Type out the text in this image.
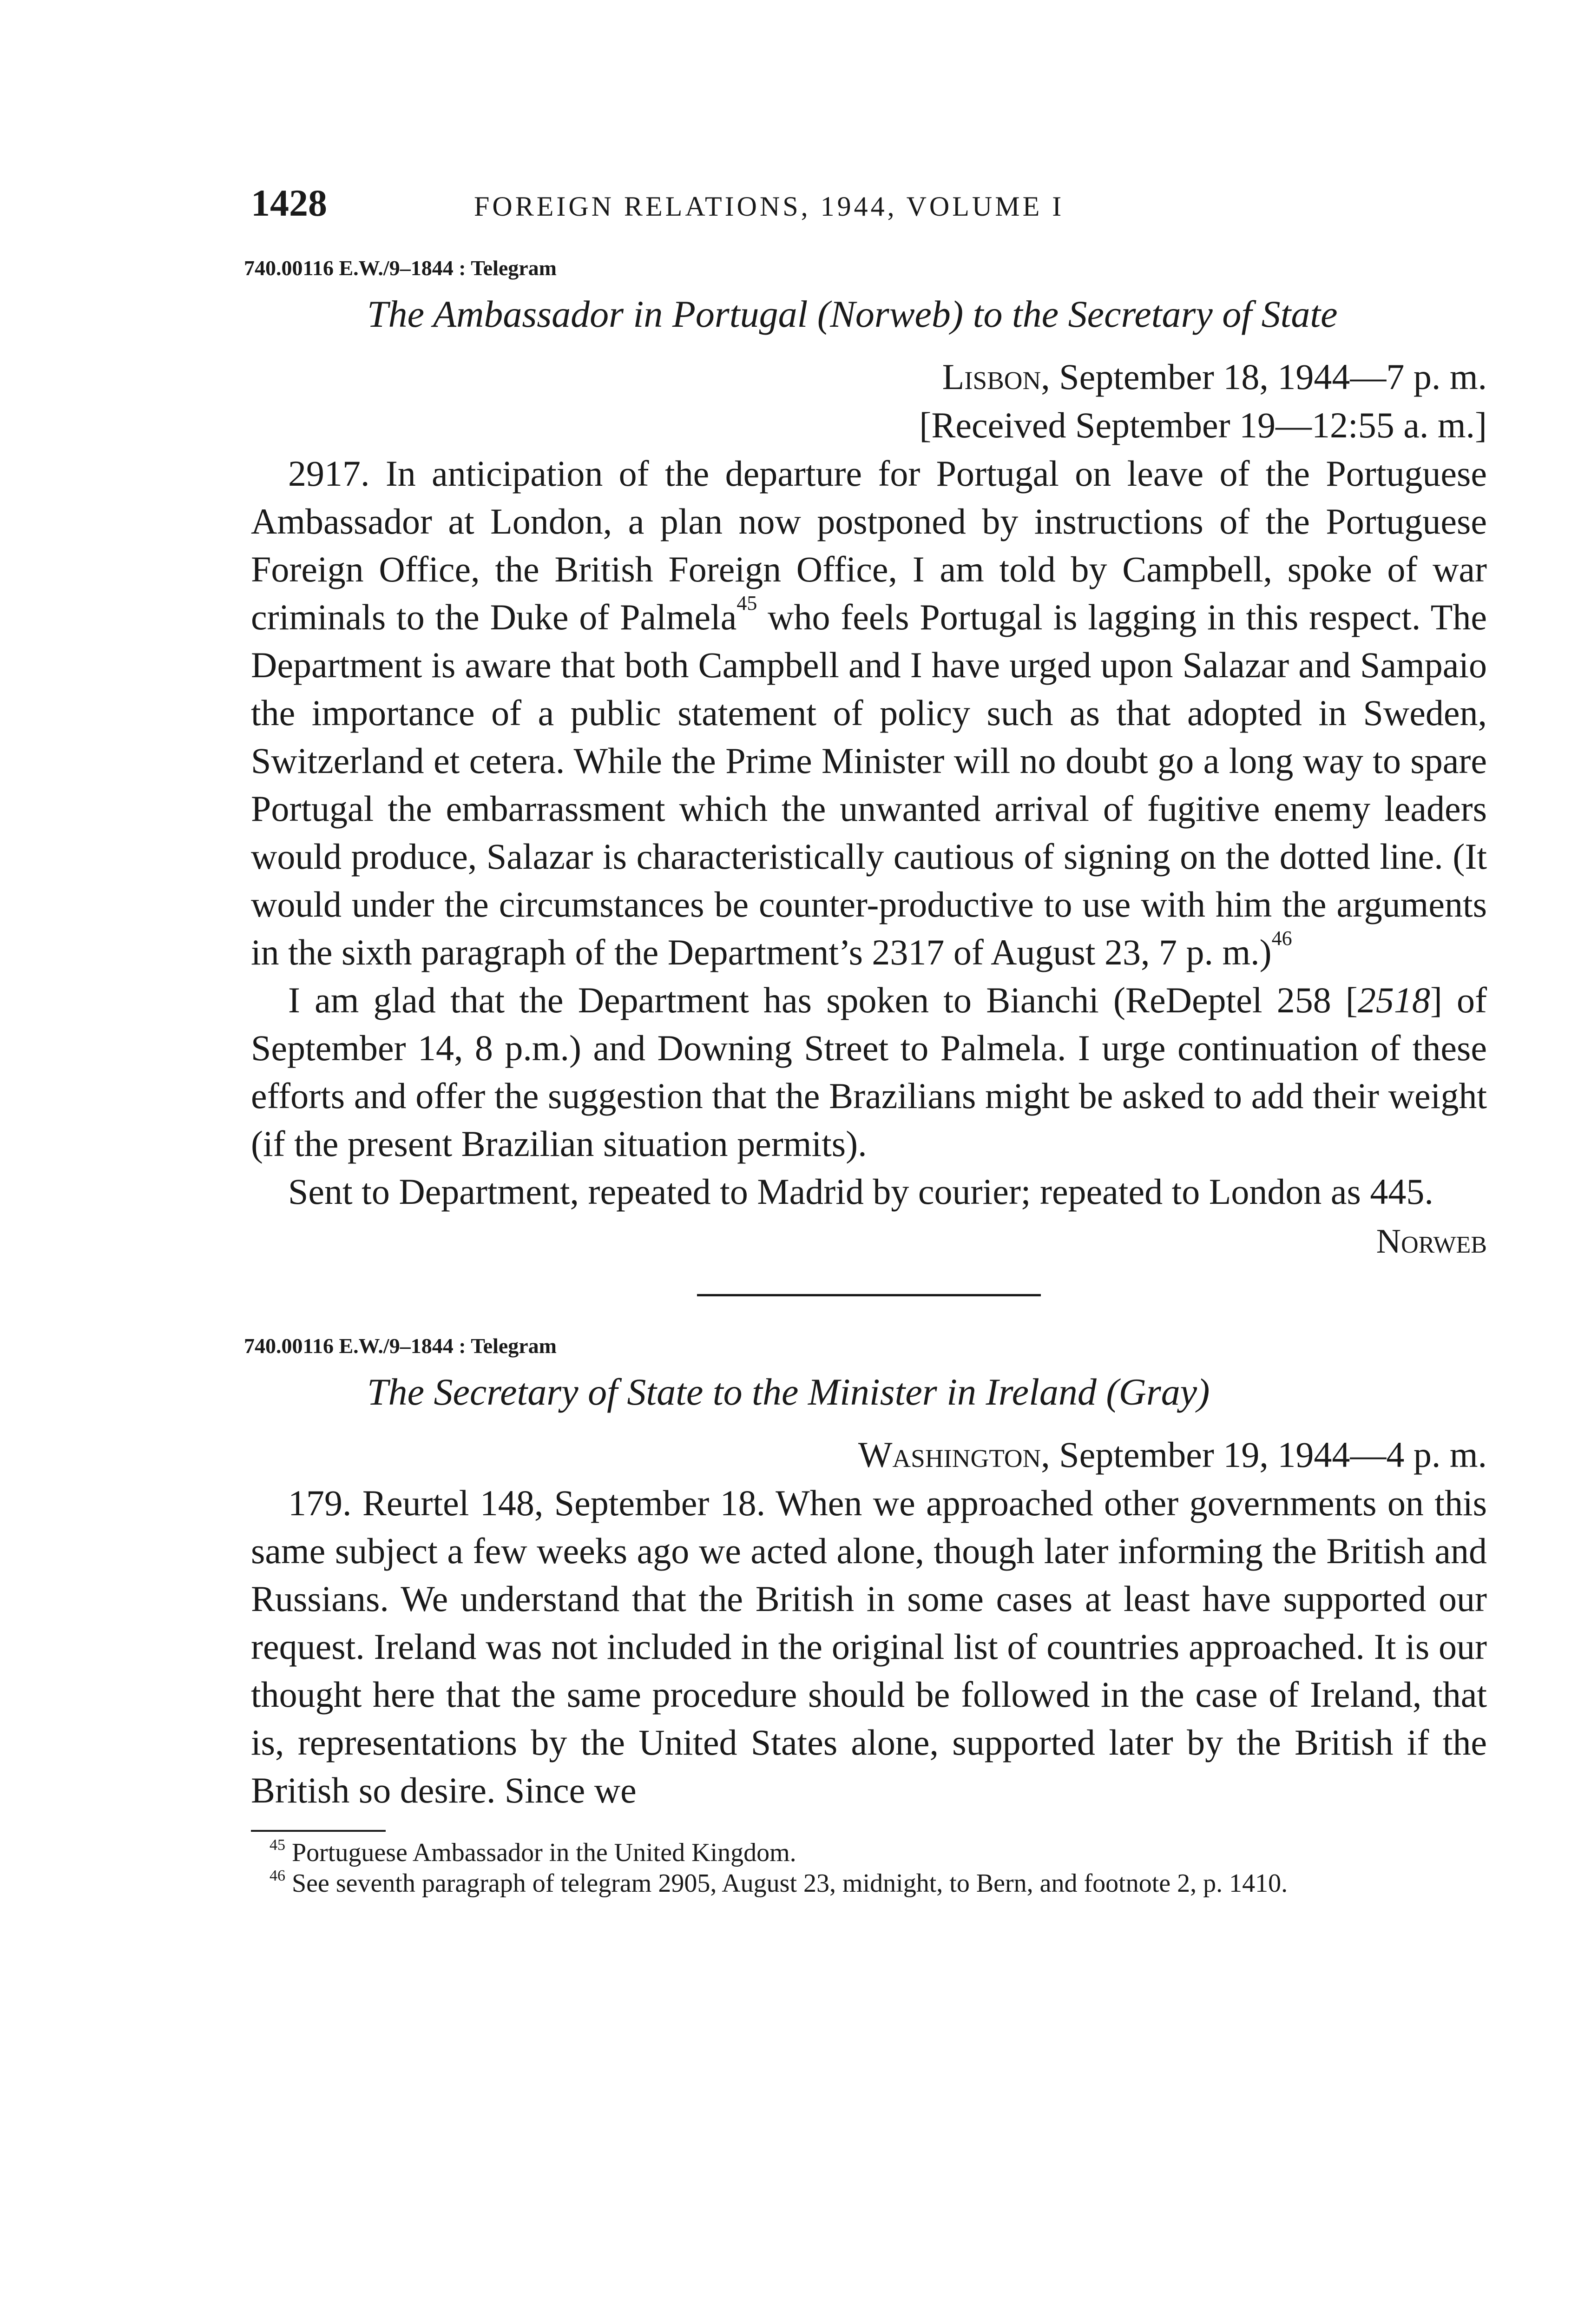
1428	FOREIGN RELATIONS, 1944, VOLUME I
740.00116 E.W./9–1844 : Telegram
The Ambassador in Portugal (Norweb) to the Secretary of State
Lisbon, September 18, 1944—7 p. m.
[Received September 19—12:55 a. m.]

2917. In anticipation of the departure for Portugal on leave of the Portuguese Ambassador at London, a plan now postponed by instructions of the Portuguese Foreign Office, the British Foreign Office, I am told by Campbell, spoke of war criminals to the Duke of Palmela$^{45}$ who feels Portugal is lagging in this respect. The Department is aware that both Campbell and I have urged upon Salazar and Sampaio the importance of a public statement of policy such as that adopted in Sweden, Switzerland et cetera. While the Prime Minister will no doubt go a long way to spare Portugal the embarrassment which the unwanted arrival of fugitive enemy leaders would produce, Salazar is characteristically cautious of signing on the dotted line. (It would under the circumstances be counter-productive to use with him the arguments in the sixth paragraph of the Department’s 2317 of August 23, 7 p. m.)$^{46}$

I am glad that the Department has spoken to Bianchi (ReDeptel 258 [2518] of September 14, 8 p.m.) and Downing Street to Palmela. I urge continuation of these efforts and offer the suggestion that the Brazilians might be asked to add their weight (if the present Brazilian situation permits).

Sent to Department, repeated to Madrid by courier; repeated to London as 445.

Norweb
740.00116 E.W./9–1844 : Telegram
The Secretary of State to the Minister in Ireland (Gray)
Washington, September 19, 1944—4 p. m.

179. Reurtel 148, September 18. When we approached other governments on this same subject a few weeks ago we acted alone, though later informing the British and Russians. We understand that the British in some cases at least have supported our request. Ireland was not included in the original list of countries approached. It is our thought here that the same procedure should be followed in the case of Ireland, that is, representations by the United States alone, supported later by the British if the British so desire. Since we

$^{45}$ Portuguese Ambassador in the United Kingdom.
$^{46}$ See seventh paragraph of telegram 2905, August 23, midnight, to Bern, and footnote 2, p. 1410.
